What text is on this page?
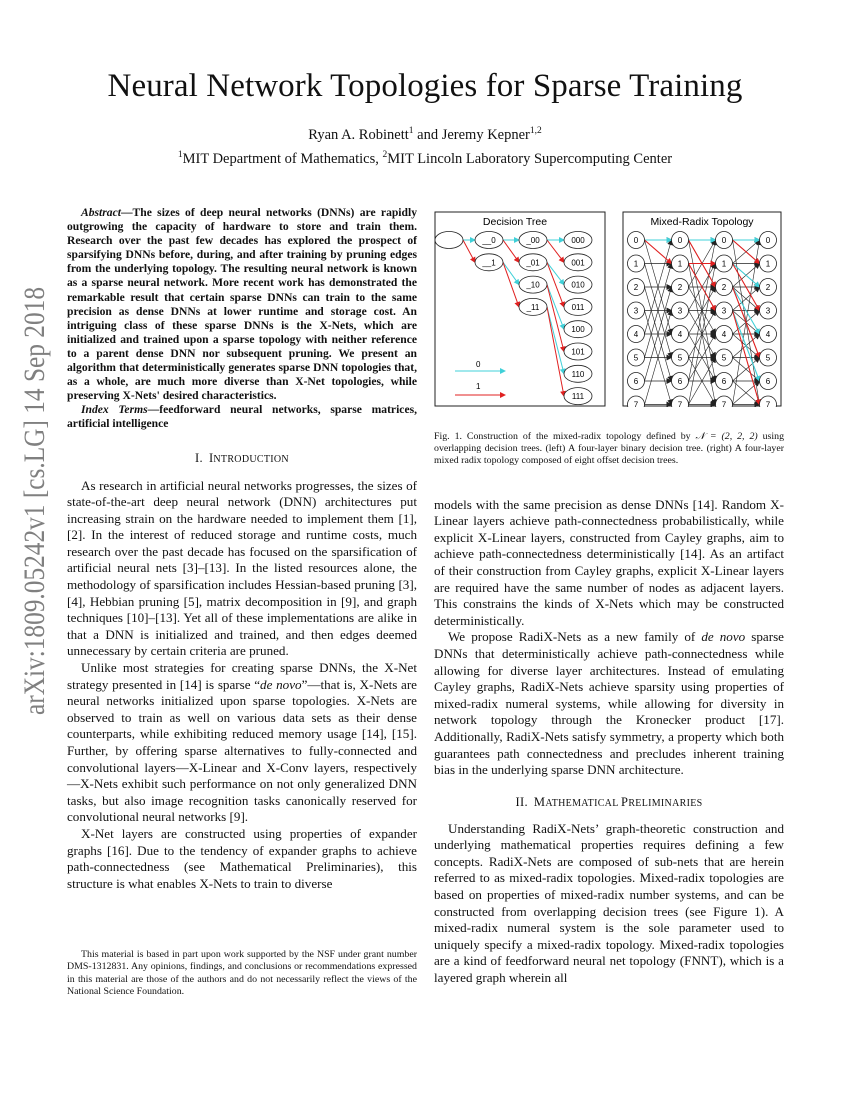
arXiv:1809.05242v1 [cs.LG] 14 Sep 2018
Neural Network Topologies for Sparse Training
Ryan A. Robinett$^1$ and Jeremy Kepner$^{1,2}$
$^1$MIT Department of Mathematics, $^2$MIT Lincoln Laboratory Supercomputing Center

Abstract—The sizes of deep neural networks (DNNs) are rapidly outgrowing the capacity of hardware to store and train them. Research over the past few decades has explored the prospect of sparsifying DNNs before, during, and after training by pruning edges from the underlying topology. The resulting neural network is known as a sparse neural network. More recent work has demonstrated the remarkable result that certain sparse DNNs can train to the same precision as dense DNNs at lower runtime and storage cost. An intriguing class of these sparse DNNs is the X-Nets, which are initialized and trained upon a sparse topology with neither reference to a parent dense DNN nor subsequent pruning. We present an algorithm that deterministically generates sparse DNN topologies that, as a whole, are much more diverse than X-Net topologies, while preserving X-Nets' desired characteristics.

Index Terms—feedforward neural networks, sparse matrices, artificial intelligence

I. INTRODUCTION

As research in artificial neural networks progresses, the sizes of state-of-the-art deep neural network (DNN) architectures put increasing strain on the hardware needed to implement them [1], [2]. In the interest of reduced storage and runtime costs, much research over the past decade has focused on the sparsification of artificial neural nets [3]–[13]. In the listed resources alone, the methodology of sparsification includes Hessian-based pruning [3], [4], Hebbian pruning [5], matrix decomposition in [9], and graph techniques [10]–[13]. Yet all of these implementations are alike in that a DNN is initialized and trained, and then edges deemed unnecessary by certain criteria are pruned.

Unlike most strategies for creating sparse DNNs, the X-Net strategy presented in [14] is sparse “de novo”—that is, X-Nets are neural networks initialized upon sparse topologies. X-Nets are observed to train as well on various data sets as their dense counterparts, while exhibiting reduced memory usage [14], [15]. Further, by offering sparse alternatives to fully-connected and convolutional layers—X-Linear and X-Conv layers, respectively—X-Nets exhibit such performance on not only generalized DNN tasks, but also image recognition tasks canonically reserved for convolutional neural networks [9].

X-Net layers are constructed using properties of expander graphs [16]. Due to the tendency of expander graphs to achieve path-connectedness (see Mathematical Preliminaries), this structure is what enables X-Nets to train to diverse

This material is based in part upon work supported by the NSF under grant number DMS-1312831. Any opinions, findings, and conclusions or recommendations expressed in this material are those of the authors and do not necessarily reflect the views of the National Science Foundation.

Decision Tree	Mixed-Radix Topology
__0
__1
_00
_01
_10
_11
000
001
010
011
100
101
110
111
0
1
2
3
4
5
6
7
0
1
2
3
4
5
6
7
0
1
2
3
4
5
6
7
0
1
2
3
4
5
6
7
0
1

Fig. 1. Construction of the mixed-radix topology defined by 𝒩 = (2, 2, 2) using overlapping decision trees. (left) A four-layer binary decision tree. (right) A four-layer mixed radix topology composed of eight offset decision trees.

models with the same precision as dense DNNs [14]. Random X-Linear layers achieve path-connectedness probabilistically, while explicit X-Linear layers, constructed from Cayley graphs, aim to achieve path-connectedness deterministically [14]. As an artifact of their construction from Cayley graphs, explicit X-Linear layers are required have the same number of nodes as adjacent layers. This constrains the kinds of X-Nets which may be constructed deterministically.

We propose RadiX-Nets as a new family of de novo sparse DNNs that deterministically achieve path-connectedness while allowing for diverse layer architectures. Instead of emulating Cayley graphs, RadiX-Nets achieve sparsity using properties of mixed-radix numeral systems, while allowing for diversity in network topology through the Kronecker product [17]. Additionally, RadiX-Nets satisfy symmetry, a property which both guarantees path connectedness and precludes inherent training bias in the underlying sparse DNN architecture.

II. MATHEMATICAL PRELIMINARIES

Understanding RadiX-Nets’ graph-theoretic construction and underlying mathematical properties requires defining a few concepts. RadiX-Nets are composed of sub-nets that are herein referred to as mixed-radix topologies. Mixed-radix topologies are based on properties of mixed-radix number systems, and can be constructed from overlapping decision trees (see Figure 1). A mixed-radix numeral system is the sole parameter used to uniquely specify a mixed-radix topology. Mixed-radix topologies are a kind of feedforward neural net topology (FNNT), which is a layered graph wherein all
